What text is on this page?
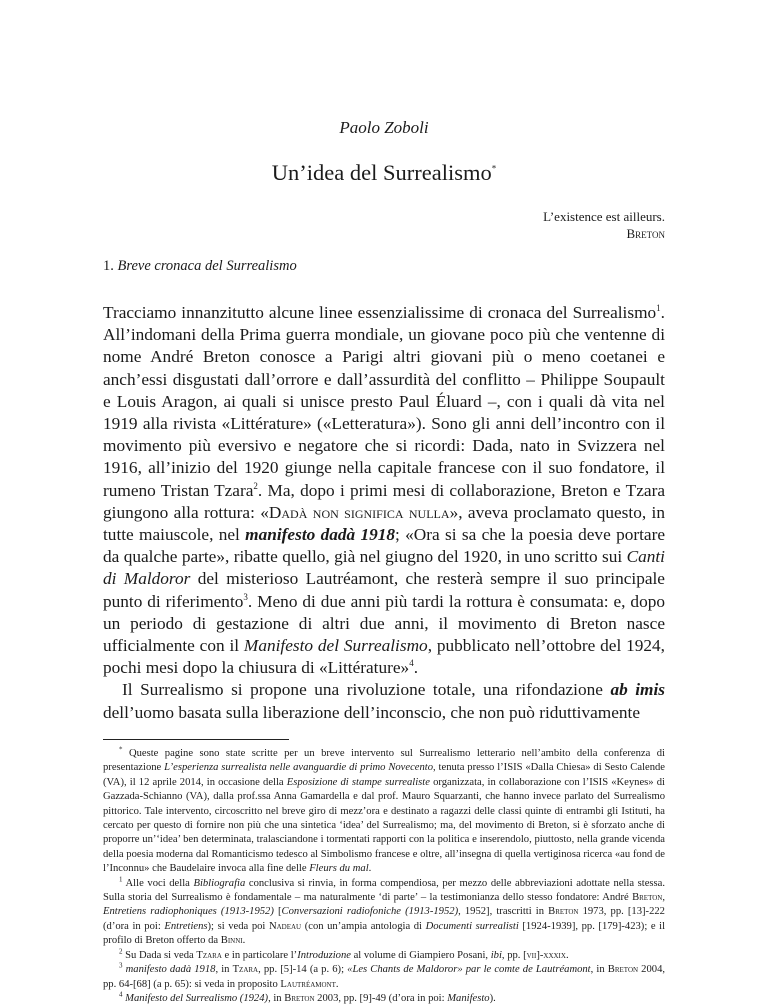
Paolo Zoboli
Un’idea del Surrealismo*
L’existence est ailleurs.
Breton
1. Breve cronaca del Surrealismo

Tracciamo innanzitutto alcune linee essenzialissime di cronaca del Surrealismo$^1$. All’indomani della Prima guerra mondiale, un giovane poco più che ventenne di nome André Breton conosce a Parigi altri giovani più o meno coetanei e anch’essi disgustati dall’orrore e dall’assurdità del conflitto – Philippe Soupault e Louis Aragon, ai quali si unisce presto Paul Éluard –, con i quali dà vita nel 1919 alla rivista «Littérature» («Letteratura»). Sono gli anni dell’incontro con il movimento più eversivo e negatore che si ricordi: Dada, nato in Svizzera nel 1916, all’inizio del 1920 giunge nella capitale francese con il suo fondatore, il rumeno Tristan Tzara$^2$. Ma, dopo i primi mesi di collaborazione, Breton e Tzara giungono alla rottura: «Dadà non significa nulla», aveva proclamato questo, in tutte maiuscole, nel manifesto dadà 1918; «Ora si sa che la poesia deve portare da qualche parte», ribatte quello, già nel giugno del 1920, in uno scritto sui Canti di Maldoror del misterioso Lautréamont, che resterà sempre il suo principale punto di riferimento$^3$. Meno di due anni più tardi la rottura è consumata: e, dopo un periodo di gestazione di altri due anni, il movimento di Breton nasce ufficialmente con il Manifesto del Surrealismo, pubblicato nell’ottobre del 1924, pochi mesi dopo la chiusura di «Littérature»$^4$.

Il Surrealismo si propone una rivoluzione totale, una rifondazione ab imis dell’uomo basata sulla liberazione dell’inconscio, che non può riduttivamente

* Queste pagine sono state scritte per un breve intervento sul Surrealismo letterario nell’ambito della conferenza di presentazione L’esperienza surrealista nelle avanguardie di primo Novecento, tenuta presso l’ISIS «Dalla Chiesa» di Sesto Calende (VA), il 12 aprile 2014, in occasione della Esposizione di stampe surrealiste organizzata, in collaborazione con l’ISIS «Keynes» di Gazzada-Schianno (VA), dalla prof.ssa Anna Gamardella e dal prof. Mauro Squarzanti, che hanno invece parlato del Surrealismo pittorico. Tale intervento, circoscritto nel breve giro di mezz’ora e destinato a ragazzi delle classi quinte di entrambi gli Istituti, ha cercato per questo di fornire non più che una sintetica ‘idea’ del Surrealismo; ma, del movimento di Breton, si è sforzato anche di proporre un’‘idea’ ben determinata, tralasciandone i tormentati rapporti con la politica e inserendolo, piuttosto, nella grande vicenda della poesia moderna dal Romanticismo tedesco al Simbolismo francese e oltre, all’insegna di quella vertiginosa ricerca «au fond de l’Inconnu» che Baudelaire invoca alla fine delle Fleurs du mal.

$^1$ Alle voci della Bibliografia conclusiva si rinvia, in forma compendiosa, per mezzo delle abbreviazioni adottate nella stessa. Sulla storia del Surrealismo è fondamentale – ma naturalmente ‘di parte’ – la testimonianza dello stesso fondatore: André Breton, Entretiens radiophoniques (1913-1952) [Conversazioni radiofoniche (1913-1952), 1952], trascritti in Breton 1973, pp. [13]-222 (d’ora in poi: Entretiens); si veda poi Nadeau (con un’ampia antologia di Documenti surrealisti [1924-1939], pp. [179]-423); e il profilo di Breton offerto da Binni.

$^2$ Su Dada si veda Tzara e in particolare l’Introduzione al volume di Giampiero Posani, ibi, pp. [vii]-xxxix.

$^3$ manifesto dadà 1918, in Tzara, pp. [5]-14 (a p. 6); «Les Chants de Maldoror» par le comte de Lautréamont, in Breton 2004, pp. 64-[68] (a p. 65): si veda in proposito Lautréamont.

$^4$ Manifesto del Surrealismo (1924), in Breton 2003, pp. [9]-49 (d’ora in poi: Manifesto).
